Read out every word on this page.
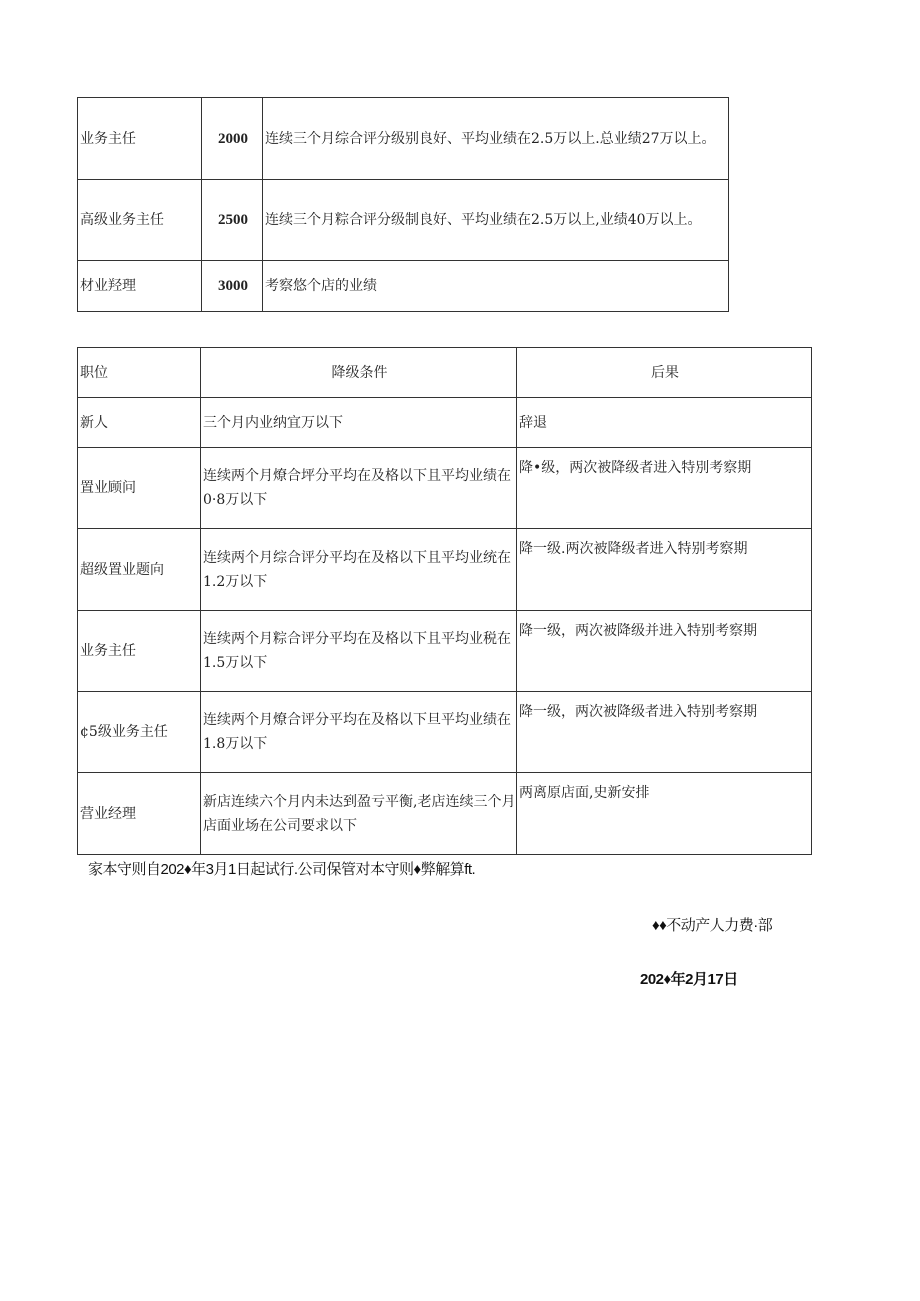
业务主任	2000	连续三个月综合评分级别良好、平均业绩在2.5万以上.总业绩27万以上。
高级业务主任	2500	连续三个月粽合评分级制良好、平均业绩在2.5万以上,业绩40万以上。
材业羟理	3000	考察悠个店的业绩
职位	降级条件	后果
新人	三个月内业纳宜万以下	辞退
置业顾问	连续两个月燎合坪分平均在及格以下且平均业绩在0·8万以下	降•级，两次被降级者进入特別考察期
超级置业题向	连续两个月综合评分平均在及格以下且平均业统在1.2万以下	降一级.两次被降级者进入特别考察期
业务主任	连续两个月粽合评分平均在及格以下且平均业税在1.5万以下	降一级，两次被降级并进入特别考察期
¢5级业务主任	连续两个月燎合评分平均在及格以下旦平均业绩在1.8万以下	降一级，两次被降级者进入特别考察期
营业经理	新店连续六个月内未达到盈亏平衡,老店连续三个月店面业场在公司要求以下	两离原店面,史新安排
家本守则自202♦年3月1日起试行.公司保管对本守则♦弊解算ft.
♦♦不动产人力费·部
202♦年2月17日
